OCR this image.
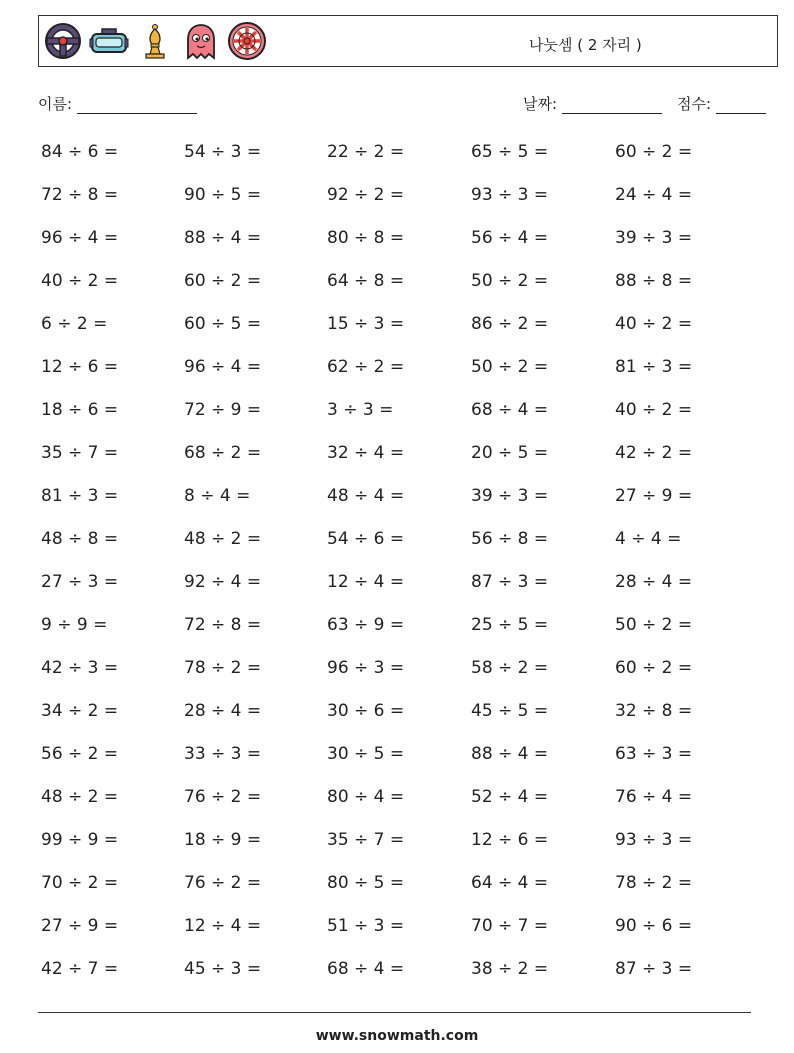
나눗셈 ( 2 자리 )
이름:	날짜:	점수:
84 ÷ 6 =	54 ÷ 3 =	22 ÷ 2 =	65 ÷ 5 =	60 ÷ 2 =
72 ÷ 8 =	90 ÷ 5 =	92 ÷ 2 =	93 ÷ 3 =	24 ÷ 4 =
96 ÷ 4 =	88 ÷ 4 =	80 ÷ 8 =	56 ÷ 4 =	39 ÷ 3 =
40 ÷ 2 =	60 ÷ 2 =	64 ÷ 8 =	50 ÷ 2 =	88 ÷ 8 =
6 ÷ 2 =	60 ÷ 5 =	15 ÷ 3 =	86 ÷ 2 =	40 ÷ 2 =
12 ÷ 6 =	96 ÷ 4 =	62 ÷ 2 =	50 ÷ 2 =	81 ÷ 3 =
18 ÷ 6 =	72 ÷ 9 =	3 ÷ 3 =	68 ÷ 4 =	40 ÷ 2 =
35 ÷ 7 =	68 ÷ 2 =	32 ÷ 4 =	20 ÷ 5 =	42 ÷ 2 =
81 ÷ 3 =	8 ÷ 4 =	48 ÷ 4 =	39 ÷ 3 =	27 ÷ 9 =
48 ÷ 8 =	48 ÷ 2 =	54 ÷ 6 =	56 ÷ 8 =	4 ÷ 4 =
27 ÷ 3 =	92 ÷ 4 =	12 ÷ 4 =	87 ÷ 3 =	28 ÷ 4 =
9 ÷ 9 =	72 ÷ 8 =	63 ÷ 9 =	25 ÷ 5 =	50 ÷ 2 =
42 ÷ 3 =	78 ÷ 2 =	96 ÷ 3 =	58 ÷ 2 =	60 ÷ 2 =
34 ÷ 2 =	28 ÷ 4 =	30 ÷ 6 =	45 ÷ 5 =	32 ÷ 8 =
56 ÷ 2 =	33 ÷ 3 =	30 ÷ 5 =	88 ÷ 4 =	63 ÷ 3 =
48 ÷ 2 =	76 ÷ 2 =	80 ÷ 4 =	52 ÷ 4 =	76 ÷ 4 =
99 ÷ 9 =	18 ÷ 9 =	35 ÷ 7 =	12 ÷ 6 =	93 ÷ 3 =
70 ÷ 2 =	76 ÷ 2 =	80 ÷ 5 =	64 ÷ 4 =	78 ÷ 2 =
27 ÷ 9 =	12 ÷ 4 =	51 ÷ 3 =	70 ÷ 7 =	90 ÷ 6 =
42 ÷ 7 =	45 ÷ 3 =	68 ÷ 4 =	38 ÷ 2 =	87 ÷ 3 =
www.snowmath.com
